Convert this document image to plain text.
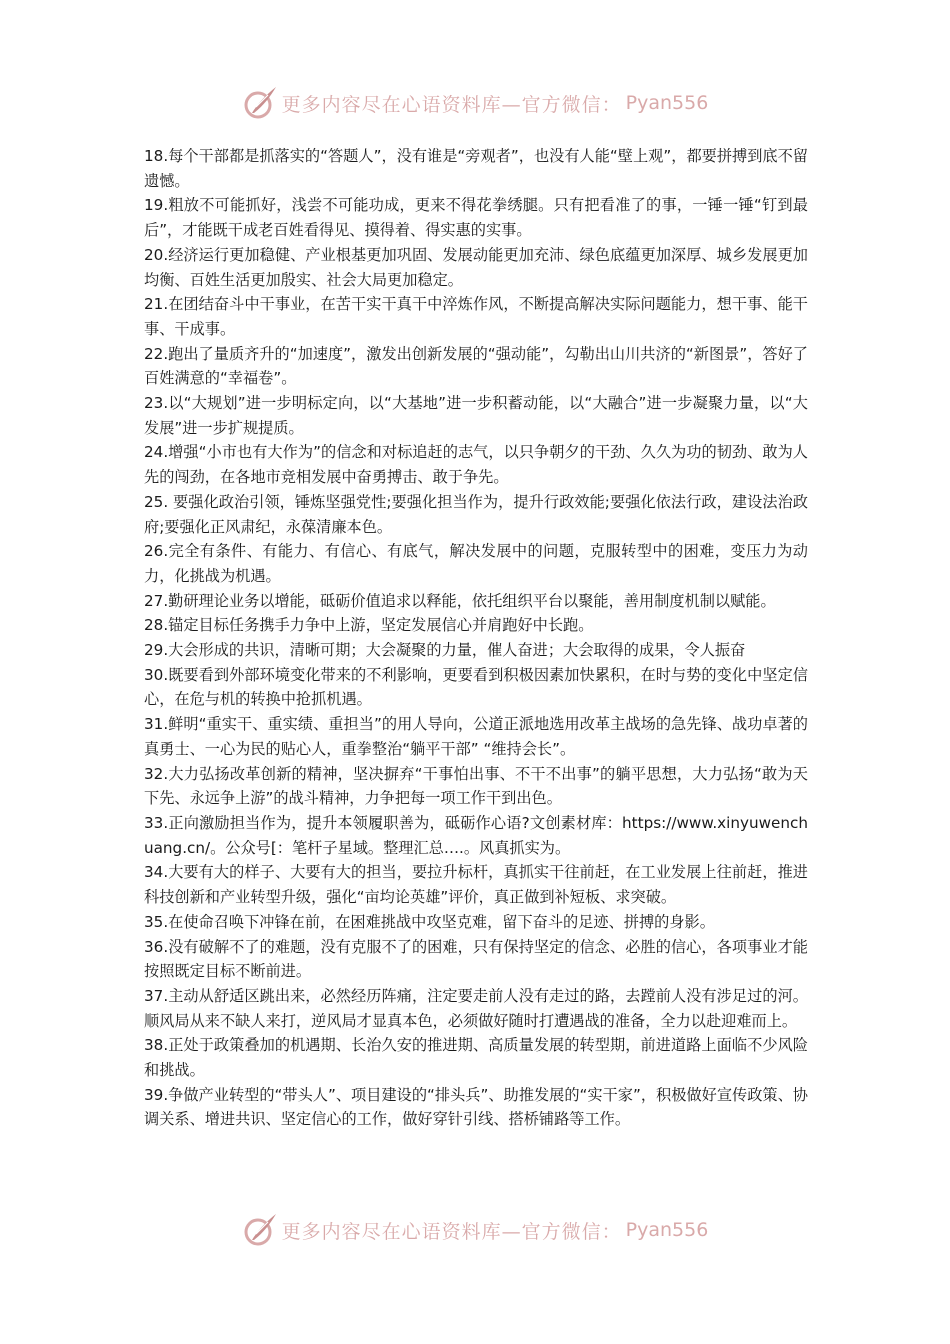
更多内容尽在心语资料库—官方微信： Pyan556

18.每个干部都是抓落实的“答题人”，没有谁是“旁观者”，也没有人能“壁上观”，都要拼搏到底不留遗憾。

19.粗放不可能抓好，浅尝不可能功成，更来不得花拳绣腿。只有把看准了的事，一锤一锤“钉到最后”，才能既干成老百姓看得见、摸得着、得实惠的实事。

20.经济运行更加稳健、产业根基更加巩固、发展动能更加充沛、绿色底蕴更加深厚、城乡发展更加均衡、百姓生活更加殷实、社会大局更加稳定。

21.在团结奋斗中干事业，在苦干实干真干中淬炼作风，不断提高解决实际问题能力，想干事、能干事、干成事。

22.跑出了量质齐升的“加速度”，激发出创新发展的“强动能”，勾勒出山川共济的“新图景”，答好了百姓满意的“幸福卷”。

23.以“大规划”进一步明标定向，以“大基地”进一步积蓄动能，以“大融合”进一步凝聚力量，以“大发展”进一步扩规提质。

24.增强“小市也有大作为”的信念和对标追赶的志气，以只争朝夕的干劲、久久为功的韧劲、敢为人先的闯劲，在各地市竞相发展中奋勇搏击、敢于争先。

25. 要强化政治引领，锤炼坚强党性;要强化担当作为，提升行政效能;要强化依法行政，建设法治政府;要强化正风肃纪，永葆清廉本色。

26.完全有条件、有能力、有信心、有底气，解决发展中的问题，克服转型中的困难，变压力为动力，化挑战为机遇。

27.勤研理论业务以增能，砥砺价值追求以释能，依托组织平台以聚能，善用制度机制以赋能。

28.锚定目标任务携手力争中上游，坚定发展信心并肩跑好中长跑。

29.大会形成的共识，清晰可期；大会凝聚的力量，催人奋进；大会取得的成果，令人振奋

30.既要看到外部环境变化带来的不利影响，更要看到积极因素加快累积，在时与势的变化中坚定信心，在危与机的转换中抢抓机遇。

31.鲜明“重实干、重实绩、重担当”的用人导向，公道正派地选用改革主战场的急先锋、战功卓著的真勇士、一心为民的贴心人，重拳整治“躺平干部” “维持会长”。

32.大力弘扬改革创新的精神，坚决摒弃“干事怕出事、不干不出事”的躺平思想，大力弘扬“敢为天下先、永远争上游”的战斗精神，力争把每一项工作干到出色。

33.正向激励担当作为，提升本领履职善为，砥砺作心语?文创素材库：https://www.xinyuwenchuang.cn/。公众号[：笔杆子星域。整理汇总….。风真抓实为。

34.大要有大的样子、大要有大的担当，要拉升标杆，真抓实干往前赶，在工业发展上往前赶，推进科技创新和产业转型升级，强化“亩均论英雄”评价，真正做到补短板、求突破。

35.在使命召唤下冲锋在前，在困难挑战中攻坚克难，留下奋斗的足迹、拼搏的身影。

36.没有破解不了的难题，没有克服不了的困难，只有保持坚定的信念、必胜的信心，各项事业才能按照既定目标不断前进。

37.主动从舒适区跳出来，必然经历阵痛，注定要走前人没有走过的路，去蹚前人没有涉足过的河。顺风局从来不缺人来打，逆风局才显真本色，必须做好随时打遭遇战的准备，全力以赴迎难而上。

38.正处于政策叠加的机遇期、长治久安的推进期、高质量发展的转型期，前进道路上面临不少风险和挑战。

39.争做产业转型的“带头人”、项目建设的“排头兵”、助推发展的“实干家”，积极做好宣传政策、协调关系、增进共识、坚定信心的工作，做好穿针引线、搭桥铺路等工作。

更多内容尽在心语资料库—官方微信： Pyan556
